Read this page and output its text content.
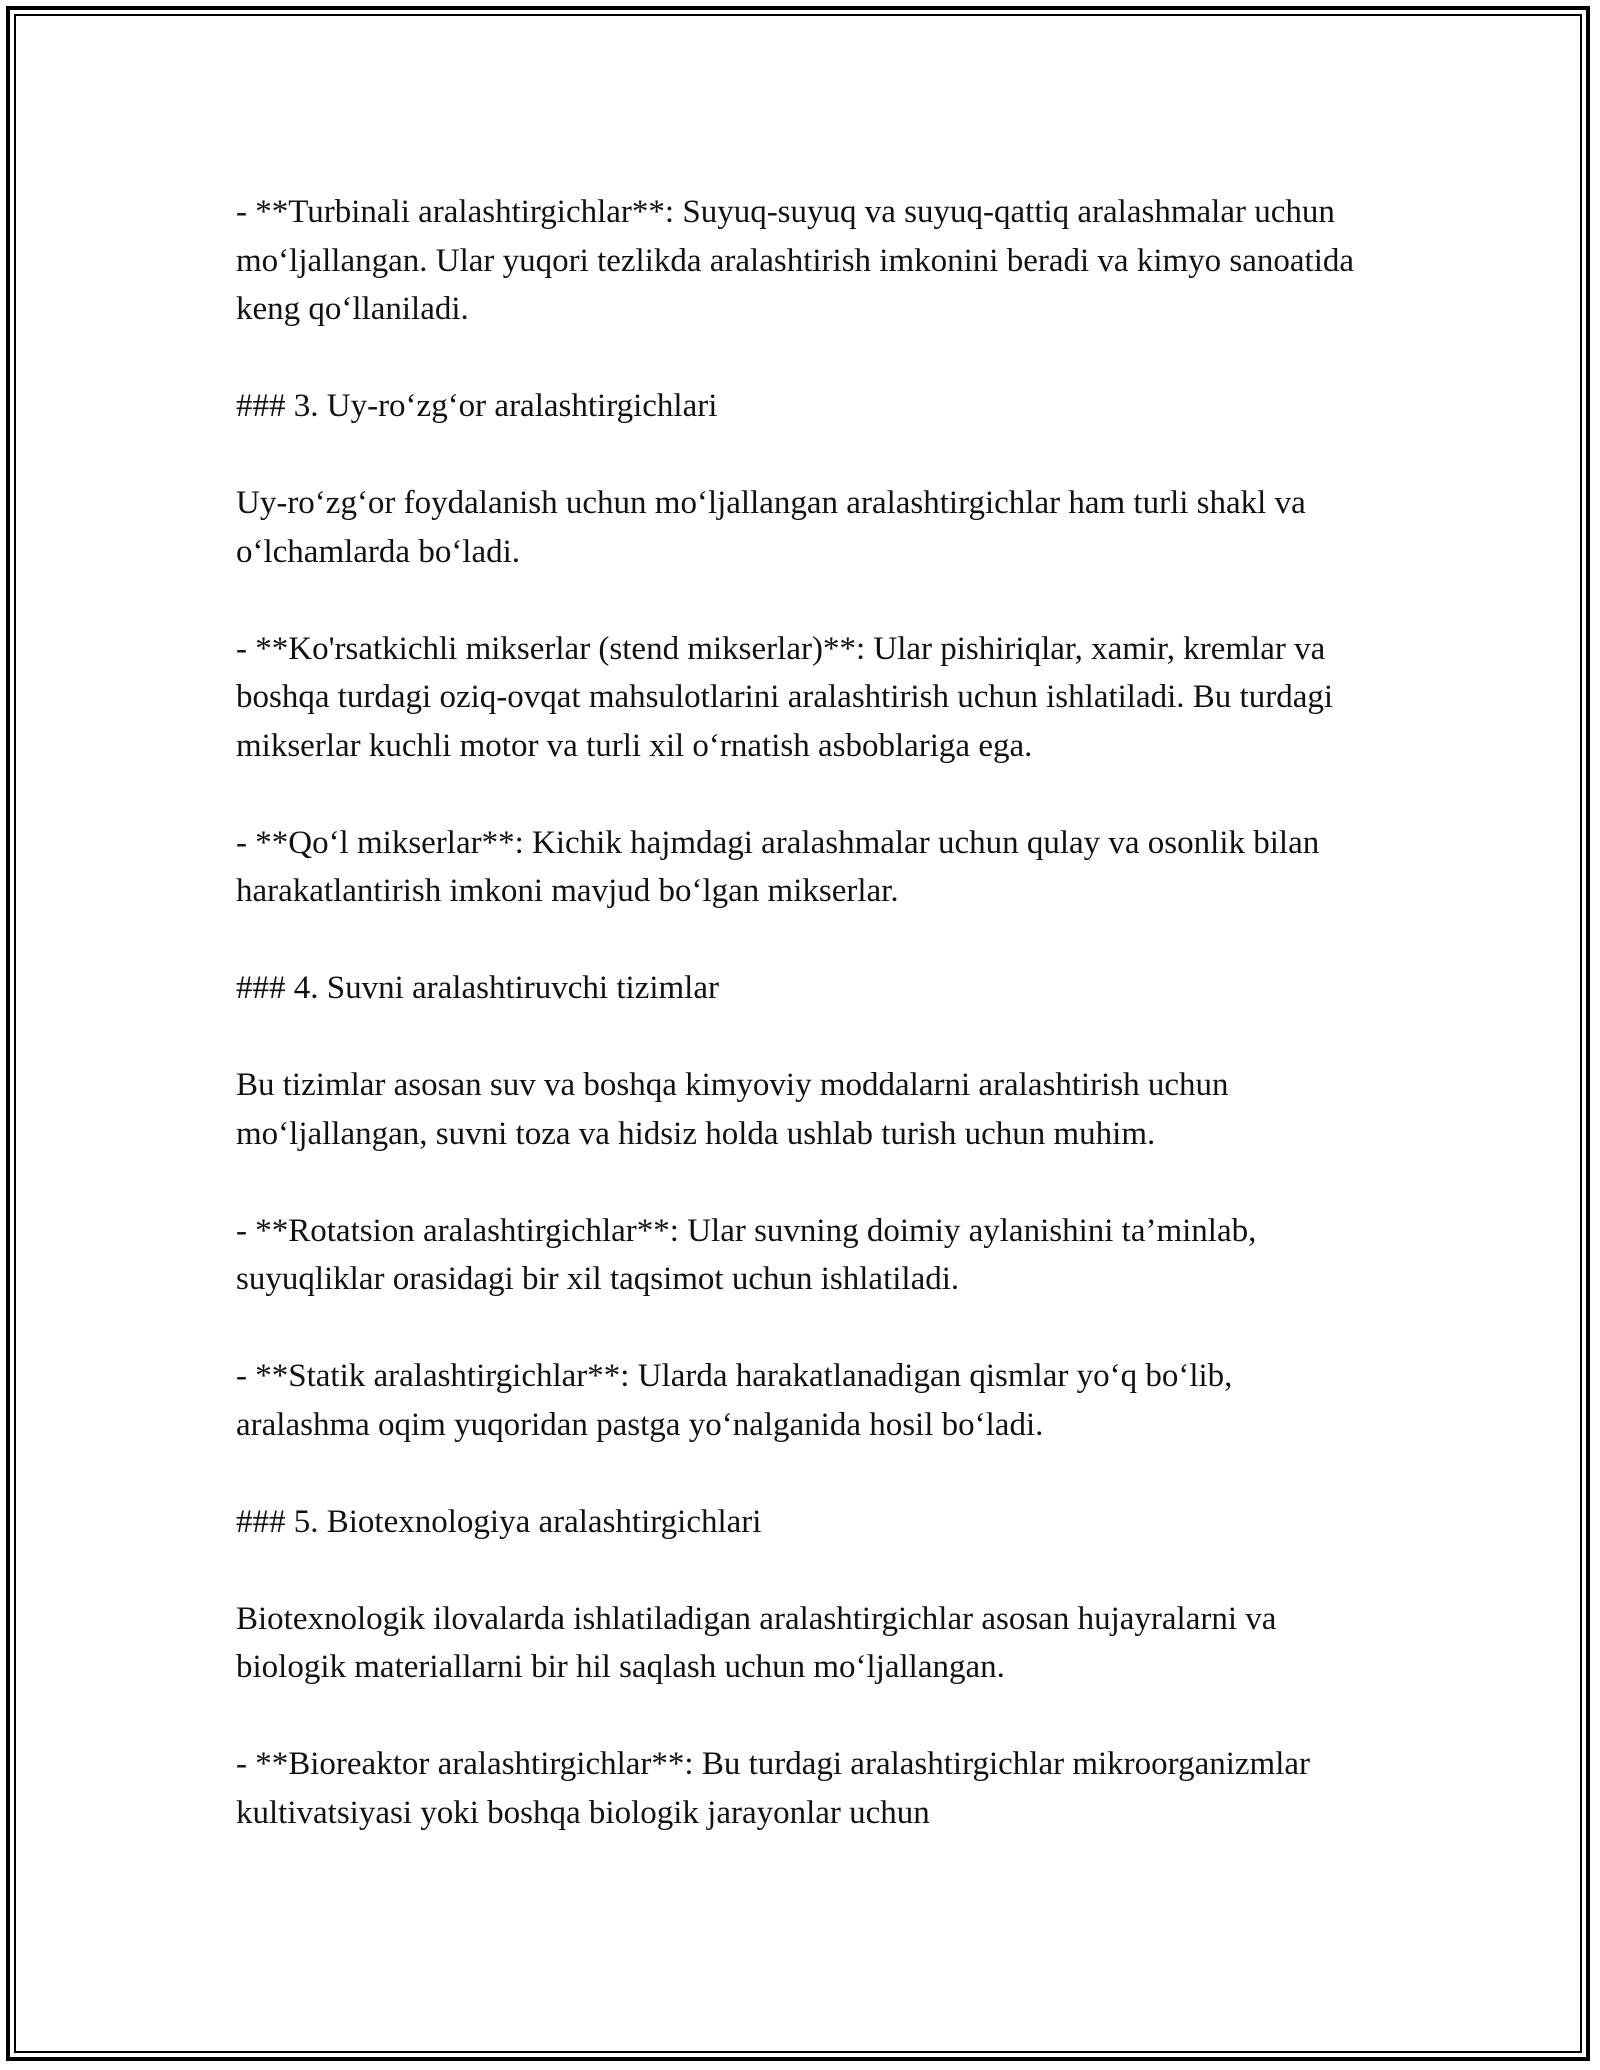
- **Turbinali aralashtirgichlar**: Suyuq-suyuq va suyuq-qattiq aralashmalar uchun mo‘ljallangan. Ular yuqori tezlikda aralashtirish imkonini beradi va kimyo sanoatida keng qo‘llaniladi.

### 3. Uy-ro‘zg‘or aralashtirgichlari

Uy-ro‘zg‘or foydalanish uchun mo‘ljallangan aralashtirgichlar ham turli shakl va o‘lchamlarda bo‘ladi.

- **Ko'rsatkichli mikserlar (stend mikserlar)**: Ular pishiriqlar, xamir, kremlar va boshqa turdagi oziq-ovqat mahsulotlarini aralashtirish uchun ishlatiladi. Bu turdagi mikserlar kuchli motor va turli xil o‘rnatish asboblariga ega.

- **Qo‘l mikserlar**: Kichik hajmdagi aralashmalar uchun qulay va osonlik bilan harakatlantirish imkoni mavjud bo‘lgan mikserlar.

### 4. Suvni aralashtiruvchi tizimlar

Bu tizimlar asosan suv va boshqa kimyoviy moddalarni aralashtirish uchun mo‘ljallangan, suvni toza va hidsiz holda ushlab turish uchun muhim.

- **Rotatsion aralashtirgichlar**: Ular suvning doimiy aylanishini ta’minlab, suyuqliklar orasidagi bir xil taqsimot uchun ishlatiladi.

- **Statik aralashtirgichlar**: Ularda harakatlanadigan qismlar yo‘q bo‘lib, aralashma oqim yuqoridan pastga yo‘nalganida hosil bo‘ladi.

### 5. Biotexnologiya aralashtirgichlari

Biotexnologik ilovalarda ishlatiladigan aralashtirgichlar asosan hujayralarni va biologik materiallarni bir hil saqlash uchun mo‘ljallangan.

- **Bioreaktor aralashtirgichlar**: Bu turdagi aralashtirgichlar mikroorganizmlar kultivatsiyasi yoki boshqa biologik jarayonlar uchun
